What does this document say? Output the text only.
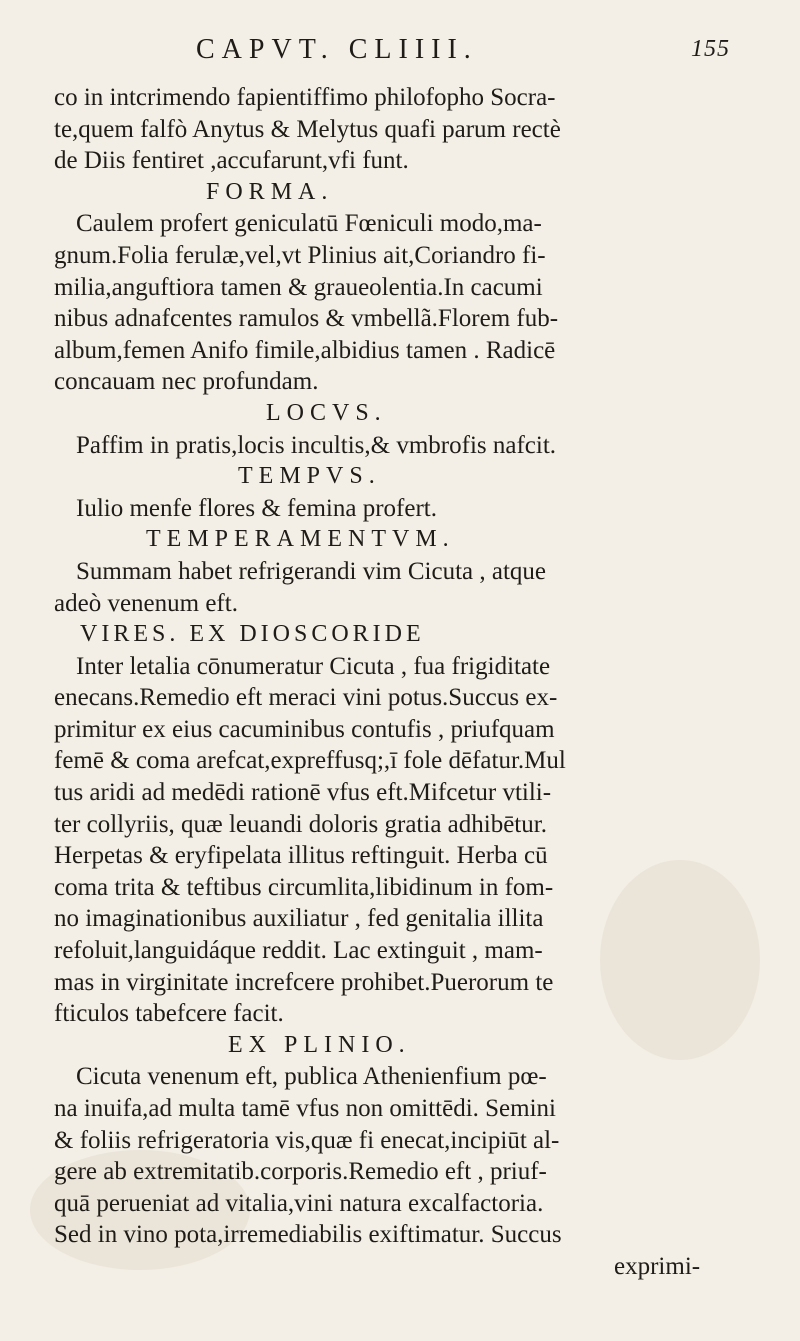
CAPVT. CLIIII.	155
co in intcrimendo fapientiffimo philofopho Socra-
te,quem falfò Anytus & Melytus quafi parum rectè
de Diis fentiret ,accufarunt,vfi funt.
FORMA.
Caulem profert geniculatū Fœniculi modo,ma-
gnum.Folia ferulæ,vel,vt Plinius ait,Coriandro fi-
milia,anguftiora tamen & graueolentia.In cacumi
nibus adnafcentes ramulos & vmbellã.Florem fub-
album,femen Anifo fimile,albidius tamen . Radicē
concauam nec profundam.
LOCVS.
Paffim in pratis,locis incultis,& vmbrofis nafcit.
TEMPVS.
Iulio menfe flores & femina profert.
TEMPERAMENTVM.
Summam habet refrigerandi vim Cicuta , atque
adeò venenum eft.
VIRES. EX DIOSCORIDE
Inter letalia cōnumeratur Cicuta , fua frigiditate
enecans.Remedio eft meraci vini potus.Succus ex-
primitur ex eius cacuminibus contufis , priufquam
femē & coma arefcat,expreffusq;,ī fole dēfatur.Mul
tus aridi ad medēdi rationē vfus eft.Mifcetur vtili-
ter collyriis, quæ leuandi doloris gratia adhibētur.
Herpetas & eryfipelata illitus reftinguit. Herba cū
coma trita & teftibus circumlita,libidinum in fom-
no imaginationibus auxiliatur , fed genitalia illita
refoluit,languidáque reddit. Lac extinguit , mam-
mas in virginitate increfcere prohibet.Puerorum te
fticulos tabefcere facit.
EX PLINIO.
Cicuta venenum eft, publica Athenienfium pœ-
na inuifa,ad multa tamē vfus non omittēdi. Semini
& foliis refrigeratoria vis,quæ fi enecat,incipiūt al-
gere ab extremitatib.corporis.Remedio eft , priuf-
quā perueniat ad vitalia,vini natura excalfactoria.
Sed in vino pota,irremediabilis exiftimatur. Succus
exprimi-
